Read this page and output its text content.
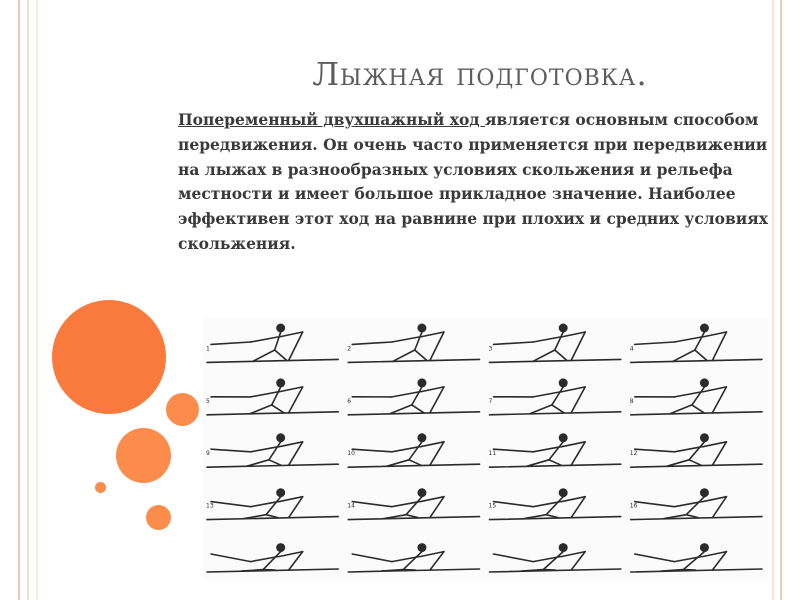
Лыжная подготовка.
Попеременный двухшажный ход является основным способом передвижения. Он очень часто применяется при передвижении на лыжах в разнообразных условиях скольжения и рельефа местности и имеет большое прикладное значение. Наиболее эффективен этот ход на равнине при плохих и средних условиях скольжения.
1	2	3	4
5	6	7	8
9	10	11	12
13	14	15	16
